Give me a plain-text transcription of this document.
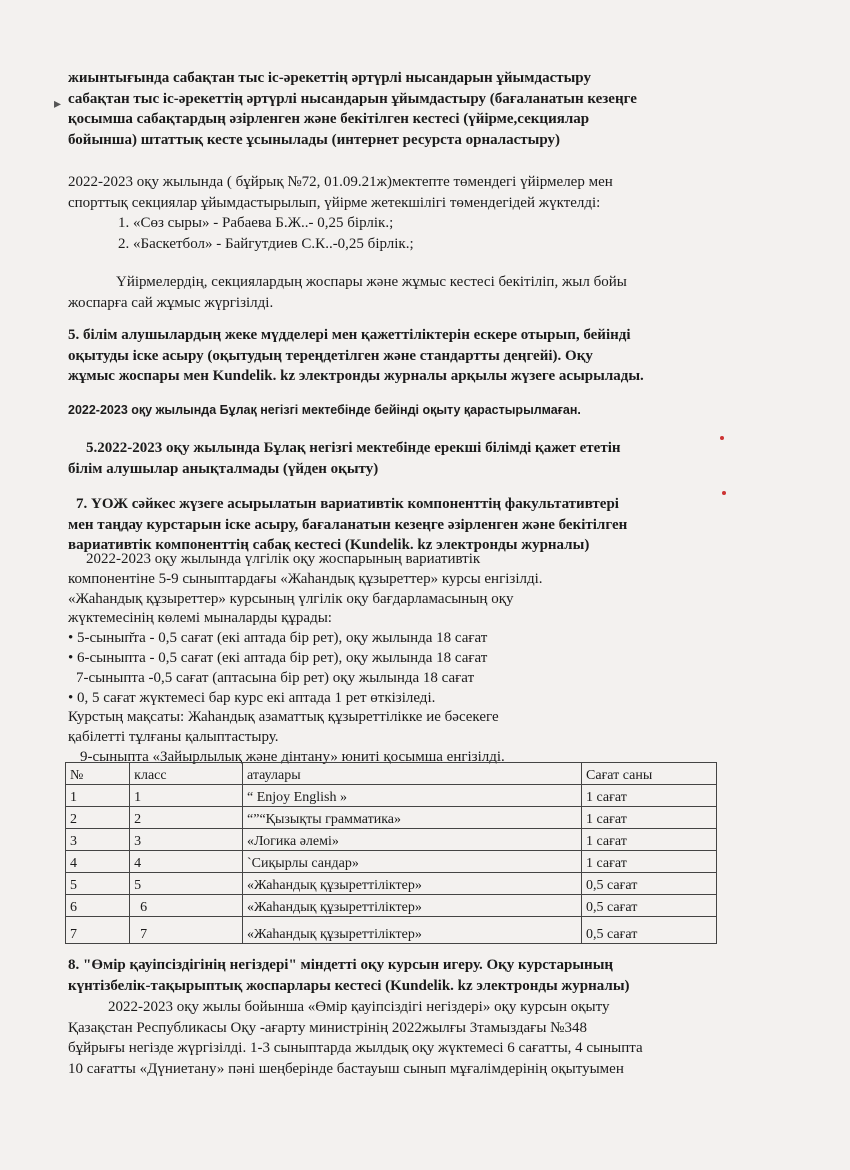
жиынтығында сабақтан тыс іс-әрекеттің әртүрлі нысандарын ұйымдастыру
сабақтан тыс іс-әрекеттің әртүрлі нысандарын ұйымдастыру (бағаланатын кезеңге
қосымша сабақтардың әзірленген және бекітілген кестесі (үйірме,секциялар
бойынша) штаттық кесте ұсынылады (интернет ресурста орналастыру)
▸
2022-2023 оқу жылында ( бұйрық №72, 01.09.21ж)мектепте төмендегі үйірмелер мен
спорттық секциялар ұйымдастырылып, үйірме жетекшілігі төмендегідей жүктелді:
1. «Сөз сыры» - Рабаева Б.Ж..- 0,25 бірлік.;
2. «Баскетбол» - Байгутдиев С.К..-0,25 бірлік.;
Үйірмелердің, секциялардың жоспары және жұмыс кестесі бекітіліп, жыл бойы
жоспарға сай жұмыс жүргізілді.
5. білім алушылардың жеке мүдделері мен қажеттіліктерін ескере отырып, бейінді
оқытуды іске асыру (оқытудың тереңдетілген және стандартты деңгейі). Оқу
жұмыс жоспары мен Kundelik. kz электронды журналы арқылы жүзеге асырылады.
2022-2023 оқу жылында Бұлақ негізгі мектебінде бейінді оқыту қарастырылмаған.
5.2022-2023 оқу жылында Бұлақ негізгі мектебінде ерекші білімді қажет ететін
білім алушылар анықталмады (үйден оқыту)
7. ҮОЖ сәйкес жүзеге асырылатын вариативтік компоненттің факультативтері
мен таңдау курстарын іске асыру, бағаланатын кезеңге әзірленген және бекітілген
вариативтік компоненттің сабақ кестесі (Kundelik. kz электронды журналы)
2022-2023 оқу жылында үлгілік оқу жоспарының вариативтік
компонентіне 5-9 сыныптардағы «Жаһандық құзыреттер» курсы енгізілді.
«Жаһандық құзыреттер» курсының үлгілік оқу бағдарламасының оқу
жүктемесінің көлемі мыналарды құрады:
• 5-сынып̆та - 0,5 сағат (екі аптада бір рет), оқу жылында 18 сағат
• 6-сыныпта - 0,5 сағат (екі аптада бір рет), оқу жылында 18 сағат
7-сыныпта -0,5 сағат (аптасына бір рет) оқу жылында 18 сағат
• 0, 5 сағат жүктемесі бар курс екі аптада 1 рет өткізіледі.
Курстың мақсаты: Жаһандық азаматтық құзыреттілікке ие бәсекеге
қабілетті тұлғаны қалыптастыру.
9-сыныпта «Зайырлылық және дінтану» юниті қосымша енгізілді.
№	класс	атаулары	Сағат саны
1	1	“ Enjoy English »	1 сағат
2	2	“”“Қызықты грамматика»	1 сағат
3	3	«Логика әлемі»	1 сағат
4	4	`Сиқырлы сандар»	1 сағат
5	5	«Жаһандық құзыреттіліктер»	0,5 сағат
6	6	«Жаһандық құзыреттіліктер»	0,5 сағат
7	7	«Жаһандық құзыреттіліктер»	0,5 сағат
8. "Өмір қауіпсіздігінің негіздері" міндетті оқу курсын игеру. Оқу курстарының
күнтізбелік-тақырыптық жоспарлары кестесі (Kundelik. kz электронды журналы)
2022-2023 оқу жылы бойынша «Өмір қауіпсіздігі негіздері» оқу курсын оқыту
Қазақстан Республикасы Оқу -ағарту министрінің 2022жылғы 3тамыздағы №348
бұйрығы негізде жүргізілді. 1-3 сыныптарда жылдық оқу жүктемесі 6 сағатты, 4 сыныпта
10 сағатты «Дүниетану» пәні шеңберінде бастауыш сынып мұғалімдерінің оқытуымен
